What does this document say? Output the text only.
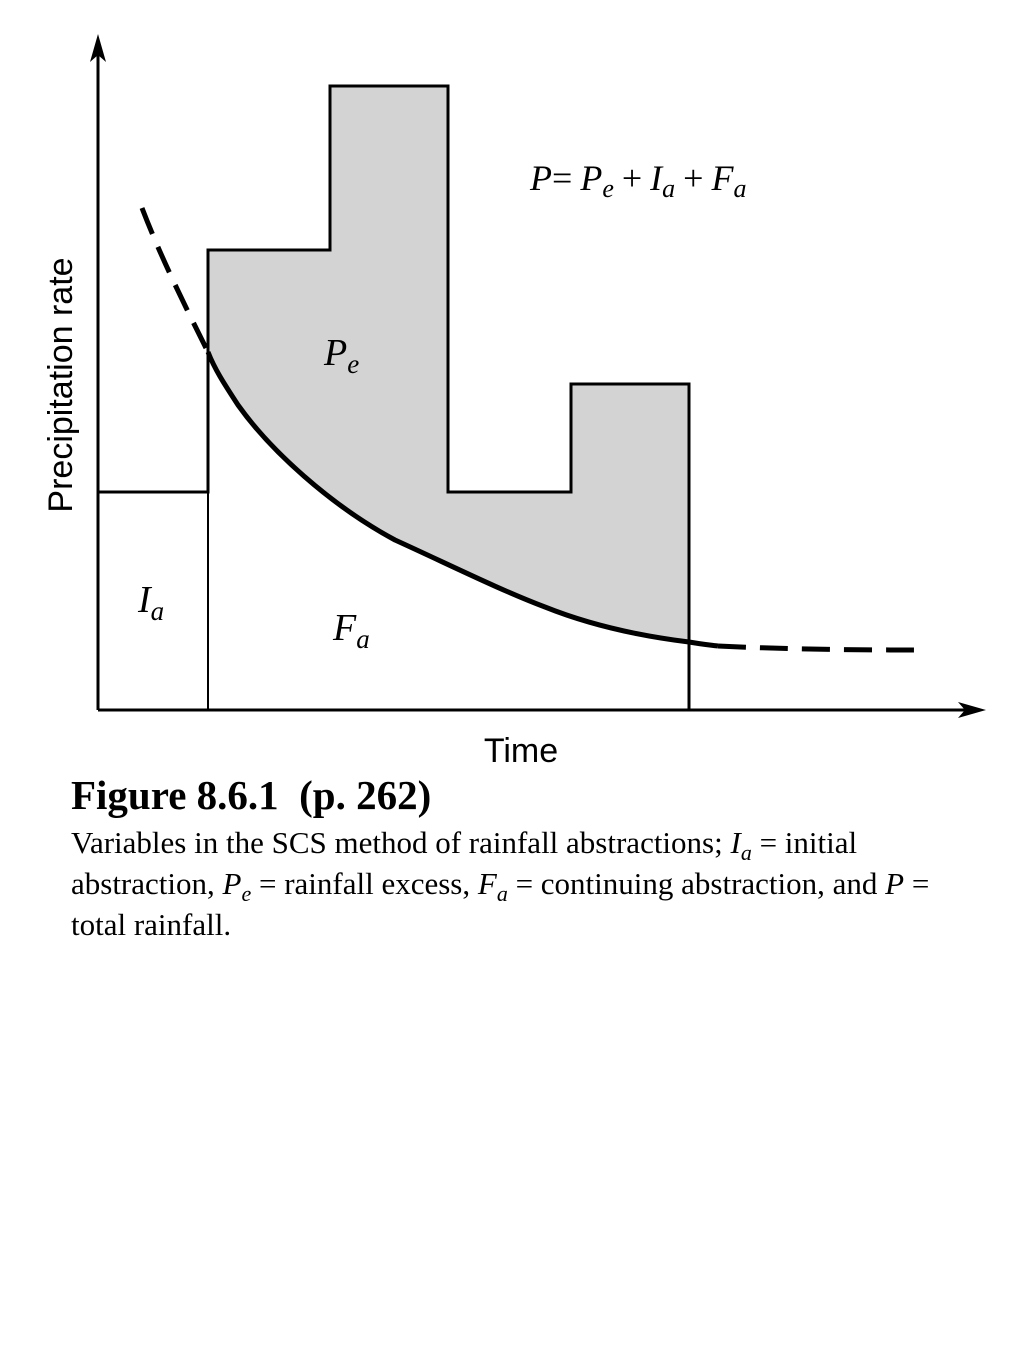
Precipitation rate
Time
P= Pe + Ia + Fa
$P_e$
$I_a$	$F_a$
Figure 8.6.1  (p. 262)
Variables in the SCS method of rainfall abstractions; $I_a$ = initial abstraction, $P_e$ = rainfall excess, $F_a$ = continuing abstraction, and P = total rainfall.
